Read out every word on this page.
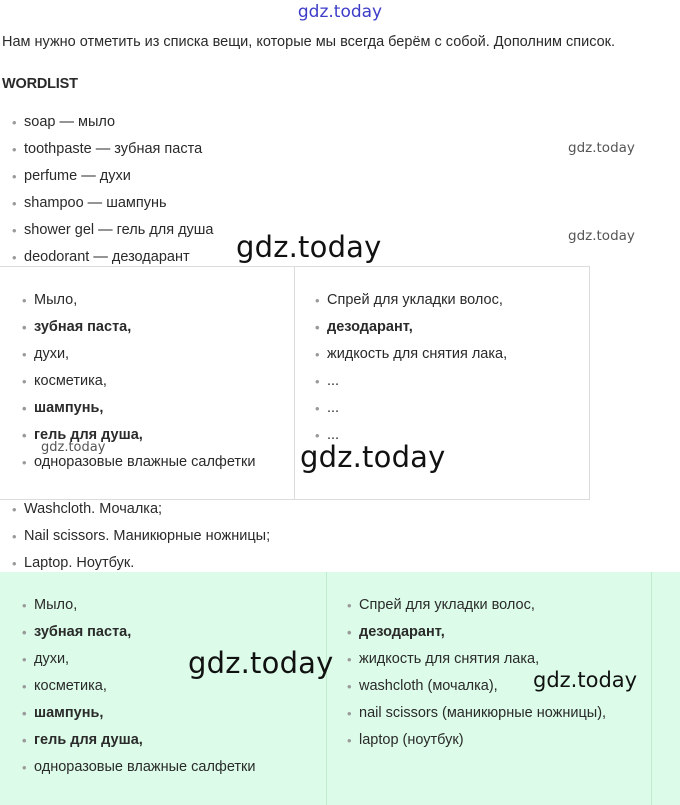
gdz.today
Нам нужно отметить из списка вещи, которые мы всегда берём с собой. Дополним список.
WORDLIST
• soap — мыло
• toothpaste — зубная паста
• perfume — духи
• shampoo — шампунь
• shower gel — гель для душа
• deodorant — дезодарант
• Мыло,
• зубная паста,
• духи,
• косметика,
• шампунь,
• гель для душа,
• одноразовые влажные салфетки
• Спрей для укладки волос,
• дезодарант,
• жидкость для снятия лака,
• ...
• ...
• ...
• Washcloth. Мочалка;
• Nail scissors. Маникюрные ножницы;
• Laptop. Ноутбук.
• Мыло,
• зубная паста,
• духи,
• косметика,
• шампунь,
• гель для душа,
• одноразовые влажные салфетки
• Спрей для укладки волос,
• дезодарант,
• жидкость для снятия лака,
• washcloth (мочалка),
• nail scissors (маникюрные ножницы),
• laptop (ноутбук)
gdz.today
gdz.today
gdz.today
gdz.today	gdz.today
gdz.today	gdz.today
